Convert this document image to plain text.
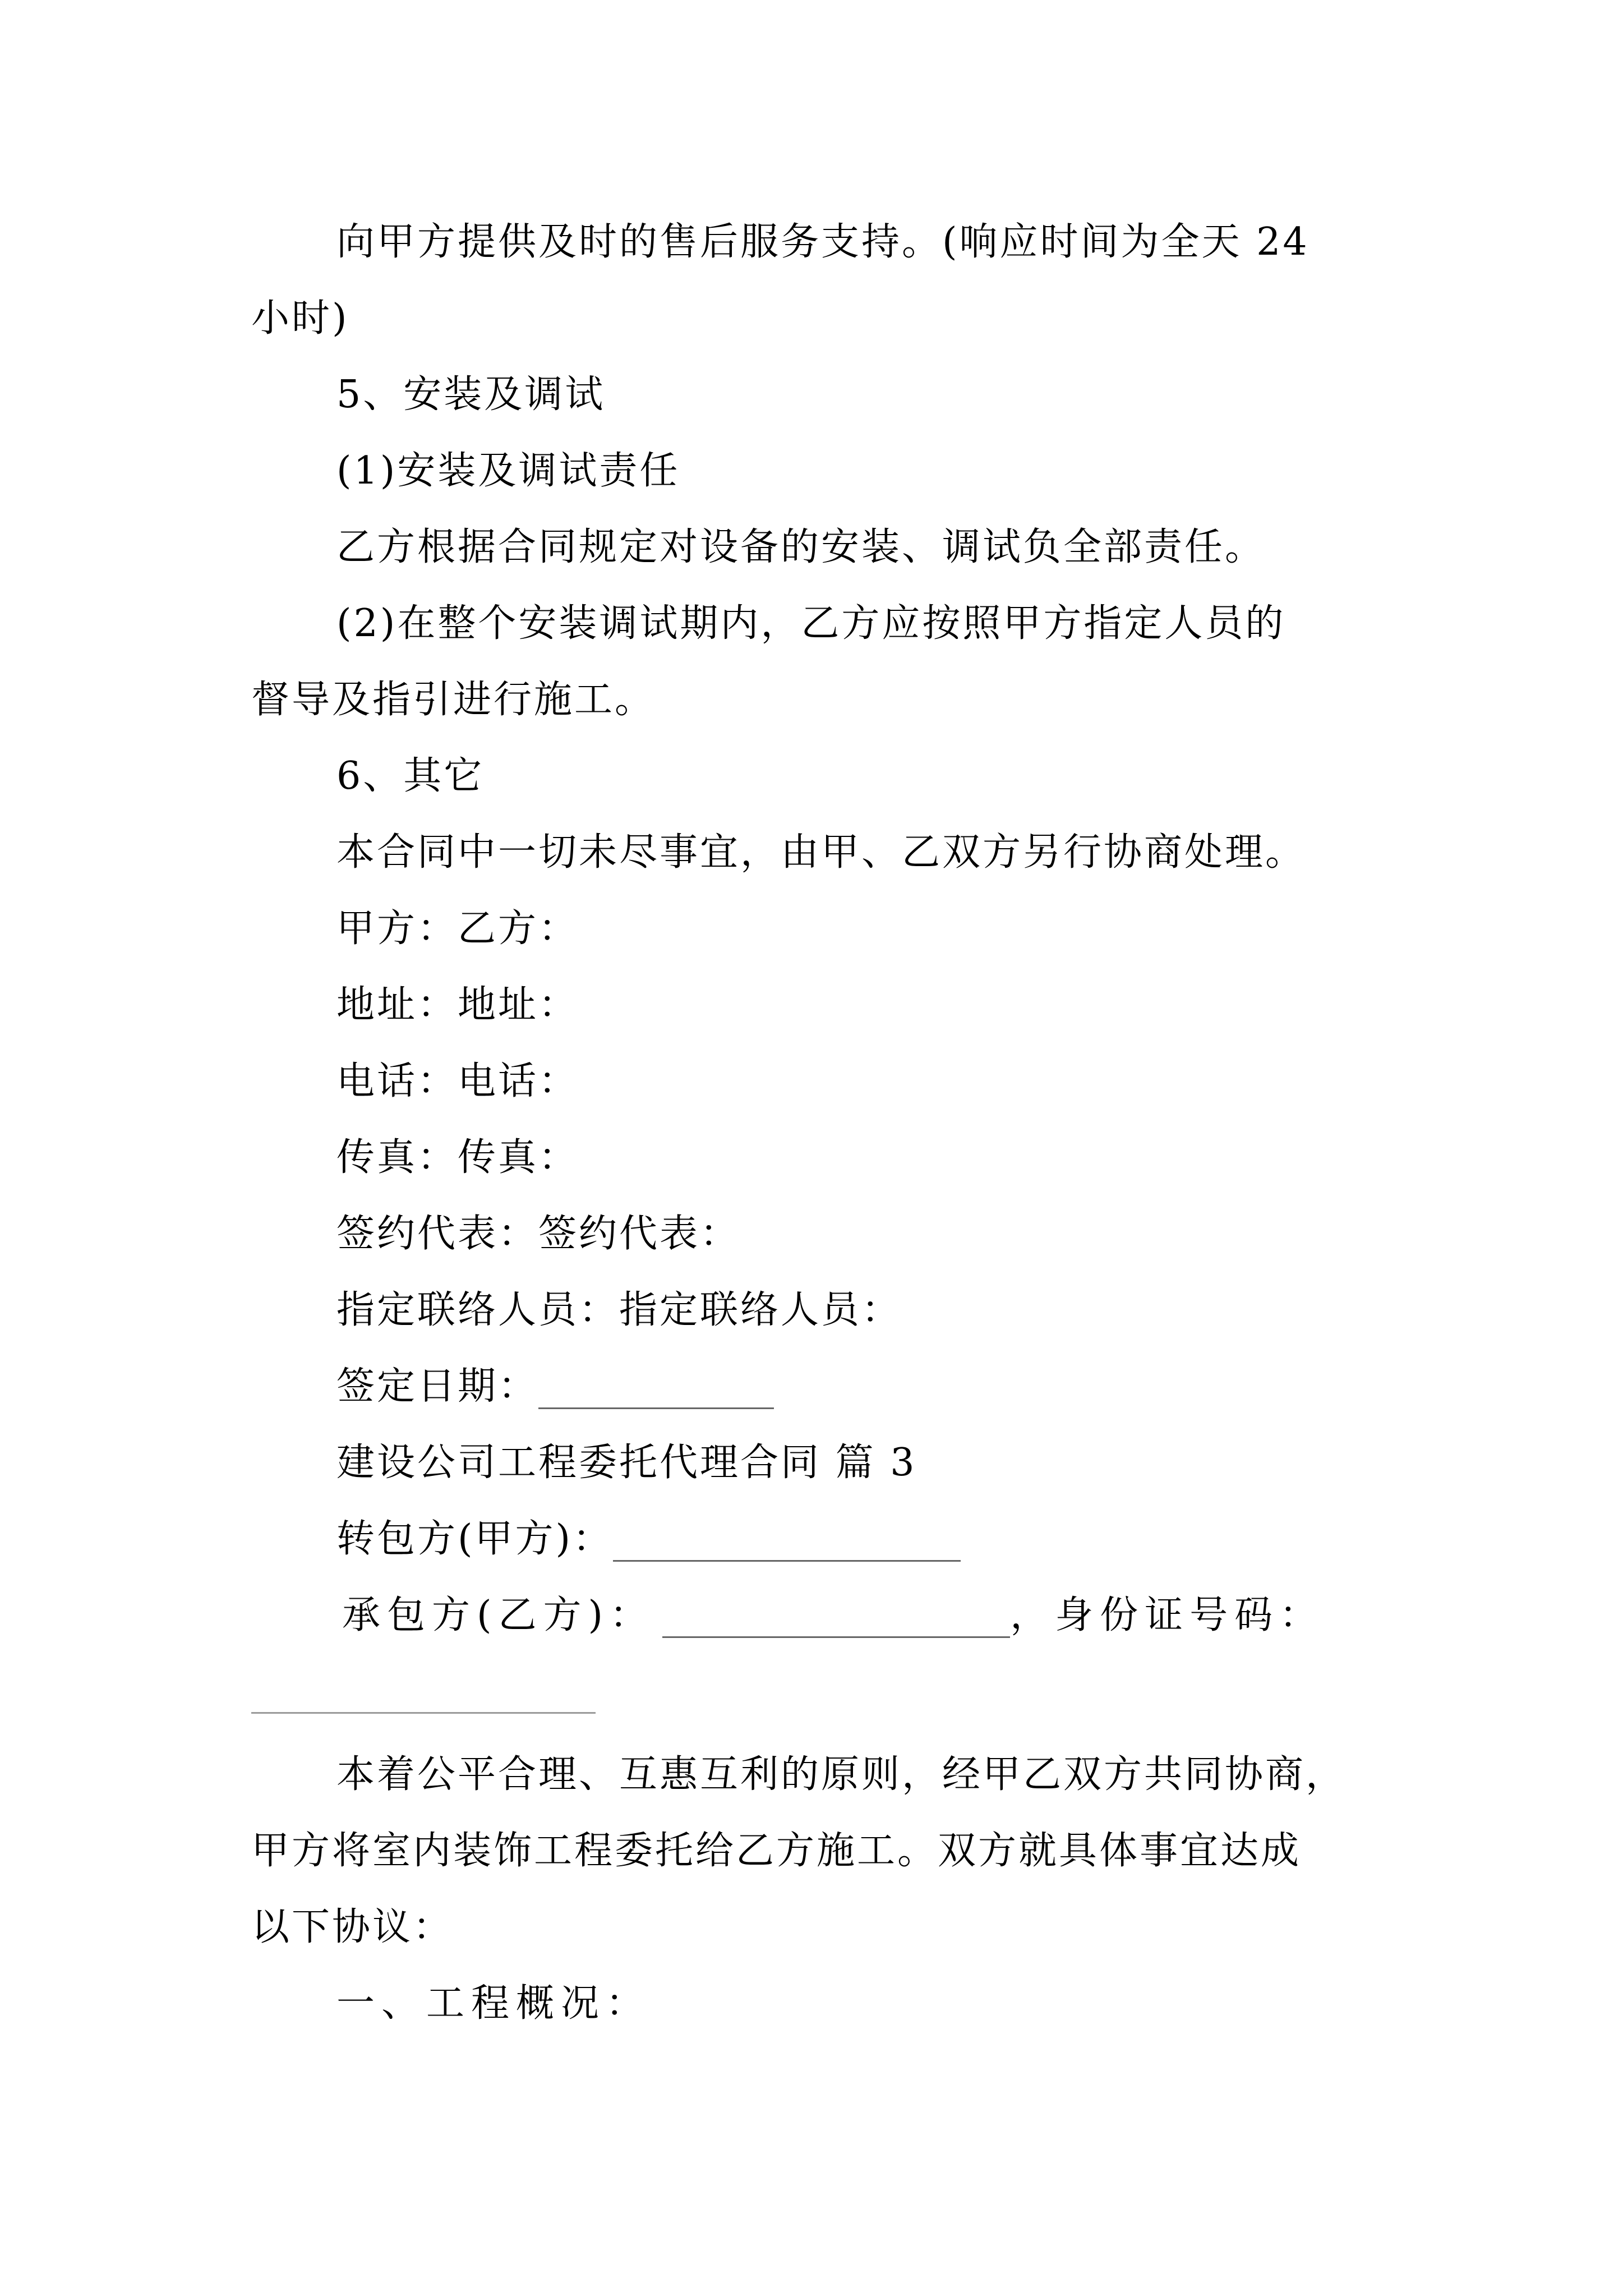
向甲方提供及时的售后服务支持。(响应时间为全天 24
小时)
5、安装及调试
(1)安装及调试责任
乙方根据合同规定对设备的安装、调试负全部责任。
(2)在整个安装调试期内，乙方应按照甲方指定人员的
督导及指引进行施工。
6、其它
本合同中一切未尽事宜，由甲、乙双方另行协商处理。
甲方：乙方：
地址：地址：
电话：电话：
传真：传真：
签约代表：签约代表：
指定联络人员：指定联络人员：
签定日期：
建设公司工程委托代理合同 篇 3
转包方(甲方)：
承包方(乙方)：	，身份证号码：
本着公平合理、互惠互利的原则，经甲乙双方共同协商，
甲方将室内装饰工程委托给乙方施工。双方就具体事宜达成
以下协议：
一、工程概况：
